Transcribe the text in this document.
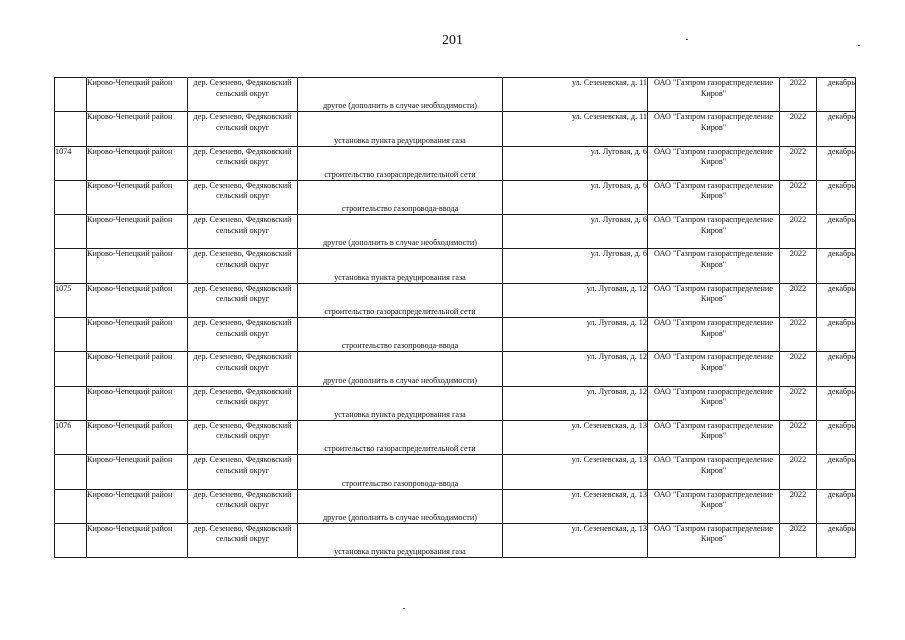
201
	Кирово-Чепецкий район	дер. Сезенево, Федяковский сельский округ	другое (дополнить в случае необходимости)	ул. Сезеневская, д. 11	ОАО "Газпром газораспределение Киров"	2022	декабрь
	Кирово-Чепецкий район	дер. Сезенево, Федяковский сельский округ	установка пункта редуцирования газа	ул. Сезеневская, д. 11	ОАО "Газпром газораспределение Киров"	2022	декабрь
1074	Кирово-Чепецкий район	дер. Сезенево, Федяковский сельский округ	строительство газораспределительной сети	ул. Луговая, д. 6	ОАО "Газпром газораспределение Киров"	2022	декабрь
	Кирово-Чепецкий район	дер. Сезенево, Федяковский сельский округ	строительство газопровода-ввода	ул. Луговая, д. 6	ОАО "Газпром газораспределение Киров"	2022	декабрь
	Кирово-Чепецкий район	дер. Сезенево, Федяковский сельский округ	другое (дополнить в случае необходимости)	ул. Луговая, д. 6	ОАО "Газпром газораспределение Киров"	2022	декабрь
	Кирово-Чепецкий район	дер. Сезенево, Федяковский сельский округ	установка пункта редуцирования газа	ул. Луговая, д. 6	ОАО "Газпром газораспределение Киров"	2022	декабрь
1075	Кирово-Чепецкий район	дер. Сезенево, Федяковский сельский округ	строительство газораспределительной сети	ул. Луговая, д. 12	ОАО "Газпром газораспределение Киров"	2022	декабрь
	Кирово-Чепецкий район	дер. Сезенево, Федяковский сельский округ	строительство газопровода-ввода	ул. Луговая, д. 12	ОАО "Газпром газораспределение Киров"	2022	декабрь
	Кирово-Чепецкий район	дер. Сезенево, Федяковский сельский округ	другое (дополнить в случае необходимости)	ул. Луговая, д. 12	ОАО "Газпром газораспределение Киров"	2022	декабрь
	Кирово-Чепецкий район	дер. Сезенево, Федяковский сельский округ	установка пункта редуцирования газа	ул. Луговая, д. 12	ОАО "Газпром газораспределение Киров"	2022	декабрь
1076	Кирово-Чепецкий район	дер. Сезенево, Федяковский сельский округ	строительство газораспределительной сети	ул. Сезеневская, д. 13	ОАО "Газпром газораспределение Киров"	2022	декабрь
	Кирово-Чепецкий район	дер. Сезенево, Федяковский сельский округ	строительство газопровода-ввода	ул. Сезеневская, д. 13	ОАО "Газпром газораспределение Киров"	2022	декабрь
	Кирово-Чепецкий район	дер. Сезенево, Федяковский сельский округ	другое (дополнить в случае необходимости)	ул. Сезеневская, д. 13	ОАО "Газпром газораспределение Киров"	2022	декабрь
	Кирово-Чепецкий район	дер. Сезенево, Федяковский сельский округ	установка пункта редуцирования газа	ул. Сезеневская, д. 13	ОАО "Газпром газораспределение Киров"	2022	декабрь
